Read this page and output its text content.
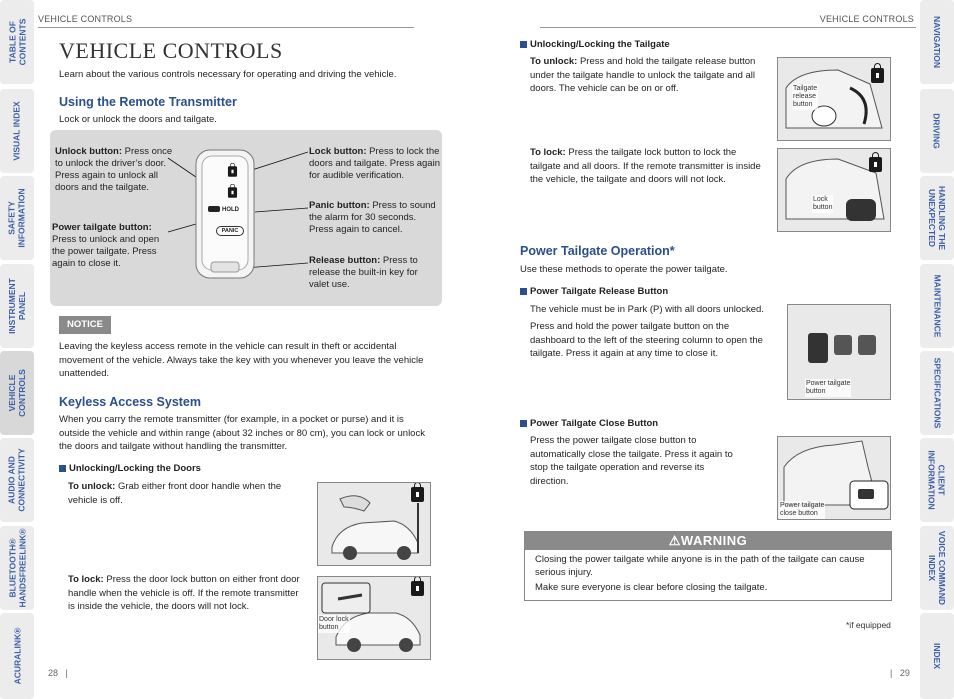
TABLE OF
CONTENTS
VISUAL INDEX
SAFETY
INFORMATION
INSTRUMENT
PANEL
VEHICLE
CONTROLS
AUDIO AND
CONNECTIVITY
BLUETOOTH®
HANDSFREELINK®
ACURALINK®
NAVIGATION
DRIVING
HANDLING THE
UNEXPECTED
MAINTENANCE
SPECIFICATIONS
CLIENT
INFORMATION
VOICE COMMAND
INDEX
INDEX
VEHICLE CONTROLS	VEHICLE CONTROLS
VEHICLE CONTROLS
Learn about the various controls necessary for operating and driving the vehicle.
Using the Remote Transmitter
Lock or unlock the doors and tailgate.
Unlock button: Press once to unlock the driver’s door. Press again to unlock all doors and the tailgate.
Power tailgate button:
Press to unlock and open the power tailgate. Press again to close it.
Lock button: Press to lock the doors and tailgate. Press again for audible verification.
Panic button: Press to sound the alarm for 30 seconds. Press again to cancel.
Release button: Press to release the built-in key for valet use.
HOLD
PANIC
NOTICE
Leaving the keyless access remote in the vehicle can result in theft or accidental movement of the vehicle. Always take the key with you whenever you leave the vehicle unattended.
Keyless Access System
When you carry the remote transmitter (for example, in a pocket or purse) and it is outside the vehicle and within range (about 32 inches or 80 cm), you can lock or unlock the doors and tailgate without handling the transmitter.
Unlocking/Locking the Doors
To unlock: Grab either front door handle when the vehicle is off.
To lock: Press the door lock button on either front door handle when the vehicle is off. If the remote transmitter is inside the vehicle, the doors will not lock.
Door lock
button
28   |
Unlocking/Locking the Tailgate
To unlock: Press and hold the tailgate release button under the tailgate handle to unlock the tailgate and all doors. The vehicle can be on or off.
To lock: Press the tailgate lock button to lock the tailgate and all doors. If the remote transmitter is inside the vehicle, the tailgate and doors will not lock.
Tailgate
release
button
Lock
button
Power Tailgate Operation*
Use these methods to operate the power tailgate.
Power Tailgate Release Button
The vehicle must be in Park (P) with all doors unlocked.
Press and hold the power tailgate button on the dashboard to the left of the steering column to open the tailgate. Press it again at any time to close it.
Power tailgate
button
Power Tailgate Close Button
Press the power tailgate close button to automatically close the tailgate. Press it again to stop the tailgate operation and reverse its direction.
Power tailgate
close button
⚠WARNING
Closing the power tailgate while anyone is in the path of the tailgate can cause serious injury.
Make sure everyone is clear before closing the tailgate.
*if equipped
|   29
